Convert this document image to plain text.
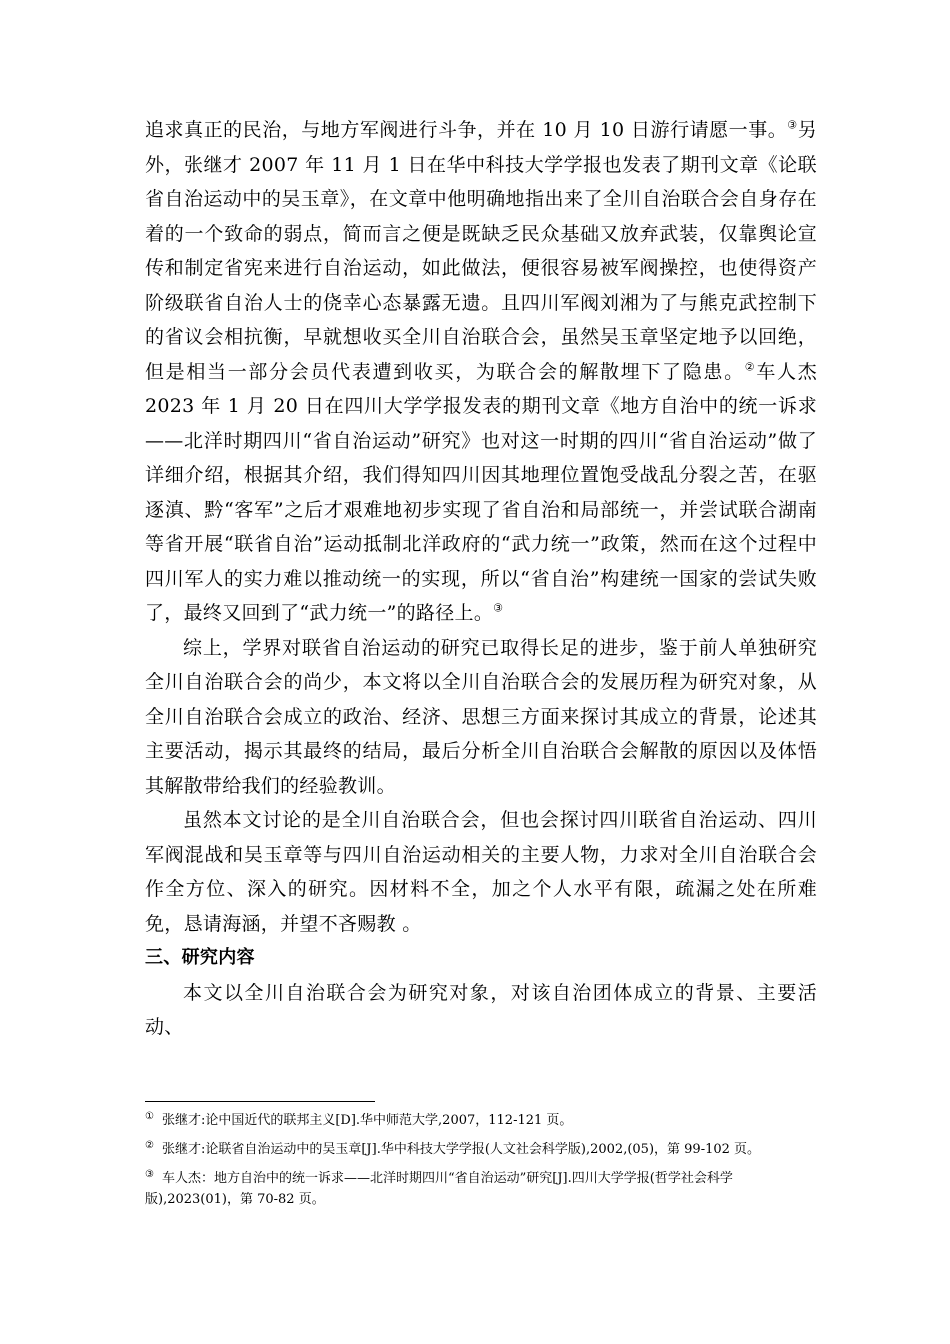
追求真正的民治，与地方军阀进行斗争，并在 10 月 10 日游行请愿一事。③另外，张继才 2007 年 11 月 1 日在华中科技大学学报也发表了期刊文章《论联省自治运动中的吴玉章》，在文章中他明确地指出来了全川自治联合会自身存在着的一个致命的弱点，简而言之便是既缺乏民众基础又放弃武装，仅靠舆论宣传和制定省宪来进行自治运动，如此做法，便很容易被军阀操控，也使得资产阶级联省自治人士的侥幸心态暴露无遗。且四川军阀刘湘为了与熊克武控制下的省议会相抗衡，早就想收买全川自治联合会，虽然吴玉章坚定地予以回绝，但是相当一部分会员代表遭到收买，为联合会的解散埋下了隐患。②车人杰 2023 年 1 月 20 日在四川大学学报发表的期刊文章《地方自治中的统一诉求——北洋时期四川“省自治运动”研究》也对这一时期的四川“省自治运动”做了详细介绍，根据其介绍，我们得知四川因其地理位置饱受战乱分裂之苦，在驱逐滇、黔“客军”之后才艰难地初步实现了省自治和局部统一，并尝试联合湖南等省开展“联省自治”运动抵制北洋政府的“武力统一”政策，然而在这个过程中四川军人的实力难以推动统一的实现，所以“省自治”构建统一国家的尝试失败了，最终又回到了“武力统一”的路径上。③

综上，学界对联省自治运动的研究已取得长足的进步，鉴于前人单独研究全川自治联合会的尚少，本文将以全川自治联合会的发展历程为研究对象，从全川自治联合会成立的政治、经济、思想三方面来探讨其成立的背景，论述其主要活动，揭示其最终的结局，最后分析全川自治联合会解散的原因以及体悟其解散带给我们的经验教训。

虽然本文讨论的是全川自治联合会，但也会探讨四川联省自治运动、四川军阀混战和吴玉章等与四川自治运动相关的主要人物，力求对全川自治联合会作全方位、深入的研究。因材料不全，加之个人水平有限，疏漏之处在所难免，恳请海涵，并望不吝赐教 。

三、研究内容

本文以全川自治联合会为研究对象，对该自治团体成立的背景、主要活动、

① 张继才:论中国近代的联邦主义[D].华中师范大学,2007，112-121 页。

② 张继才:论联省自治运动中的吴玉章[J].华中科技大学学报(人文社会科学版),2002,(05)，第 99-102 页。

③ 车人杰：地方自治中的统一诉求——北洋时期四川“省自治运动”研究[J].四川大学学报(哲学社会科学版),2023(01)，第 70-82 页。
